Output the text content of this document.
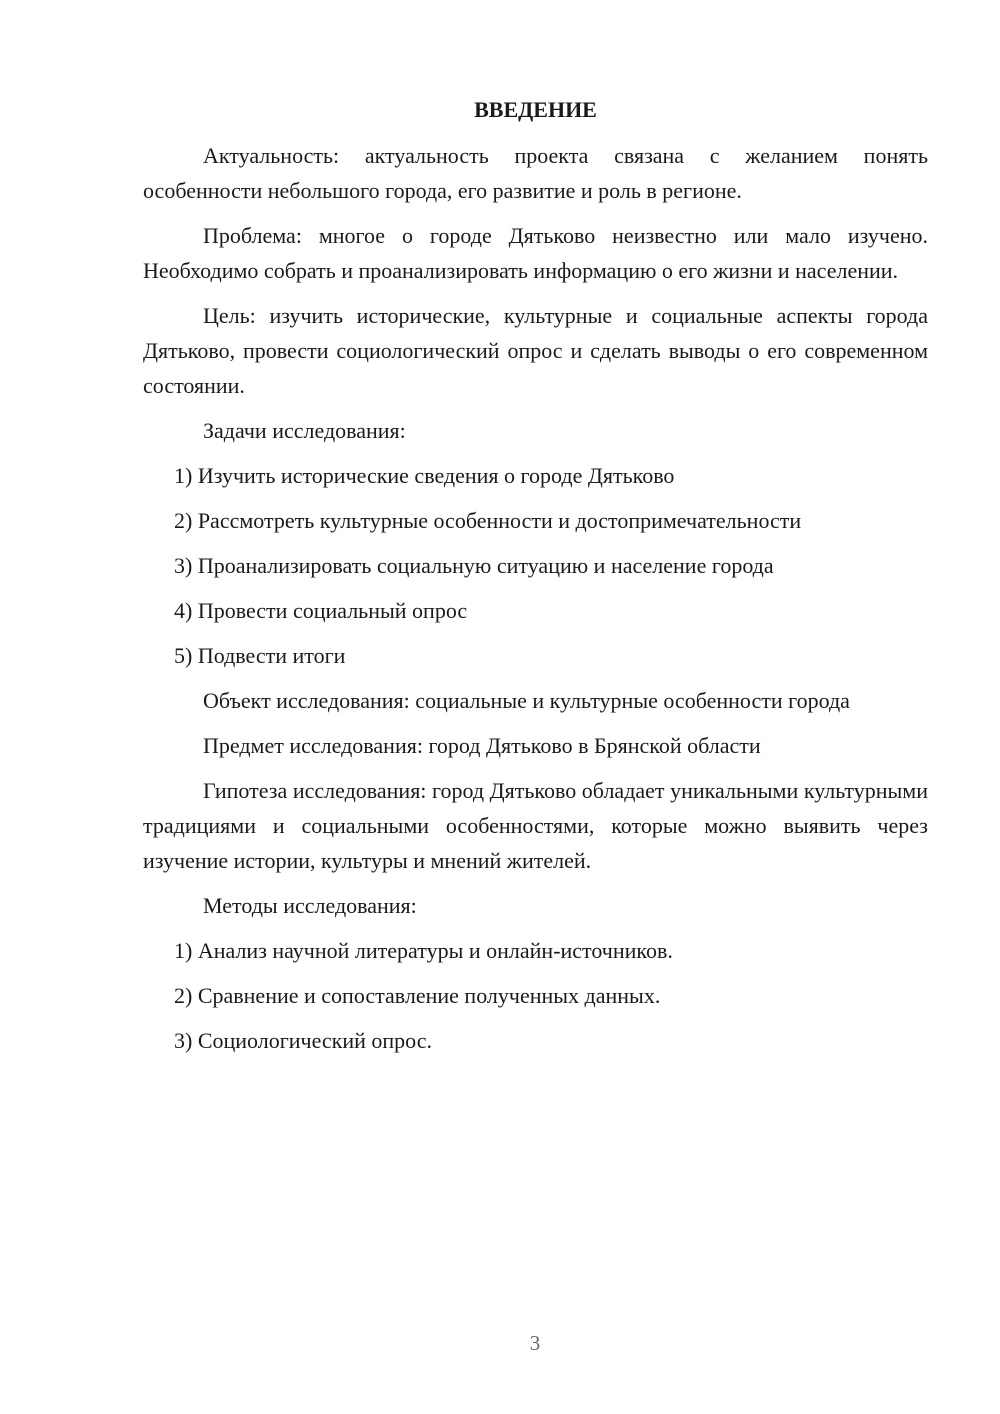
ВВЕДЕНИЕ

Актуальность: актуальность проекта связана с желанием понять особенности небольшого города, его развитие и роль в регионе.

Проблема: многое о городе Дятьково неизвестно или мало изучено. Необходимо собрать и проанализировать информацию о его жизни и населении.

Цель: изучить исторические, культурные и социальные аспекты города Дятьково, провести социологический опрос и сделать выводы о его современном состоянии.

Задачи исследования:

1) Изучить исторические сведения о городе Дятьково

2) Рассмотреть культурные особенности и достопримечательности

3) Проанализировать социальную ситуацию и население города

4) Провести социальный опрос

5) Подвести итоги

Объект исследования: социальные и культурные особенности города

Предмет исследования: город Дятьково в Брянской области

Гипотеза исследования: город Дятьково обладает уникальными культурными традициями и социальными особенностями, которые можно выявить через изучение истории, культуры и мнений жителей.

Методы исследования:

1) Анализ научной литературы и онлайн-источников.

2) Сравнение и сопоставление полученных данных.

3) Социологический опрос.

3
